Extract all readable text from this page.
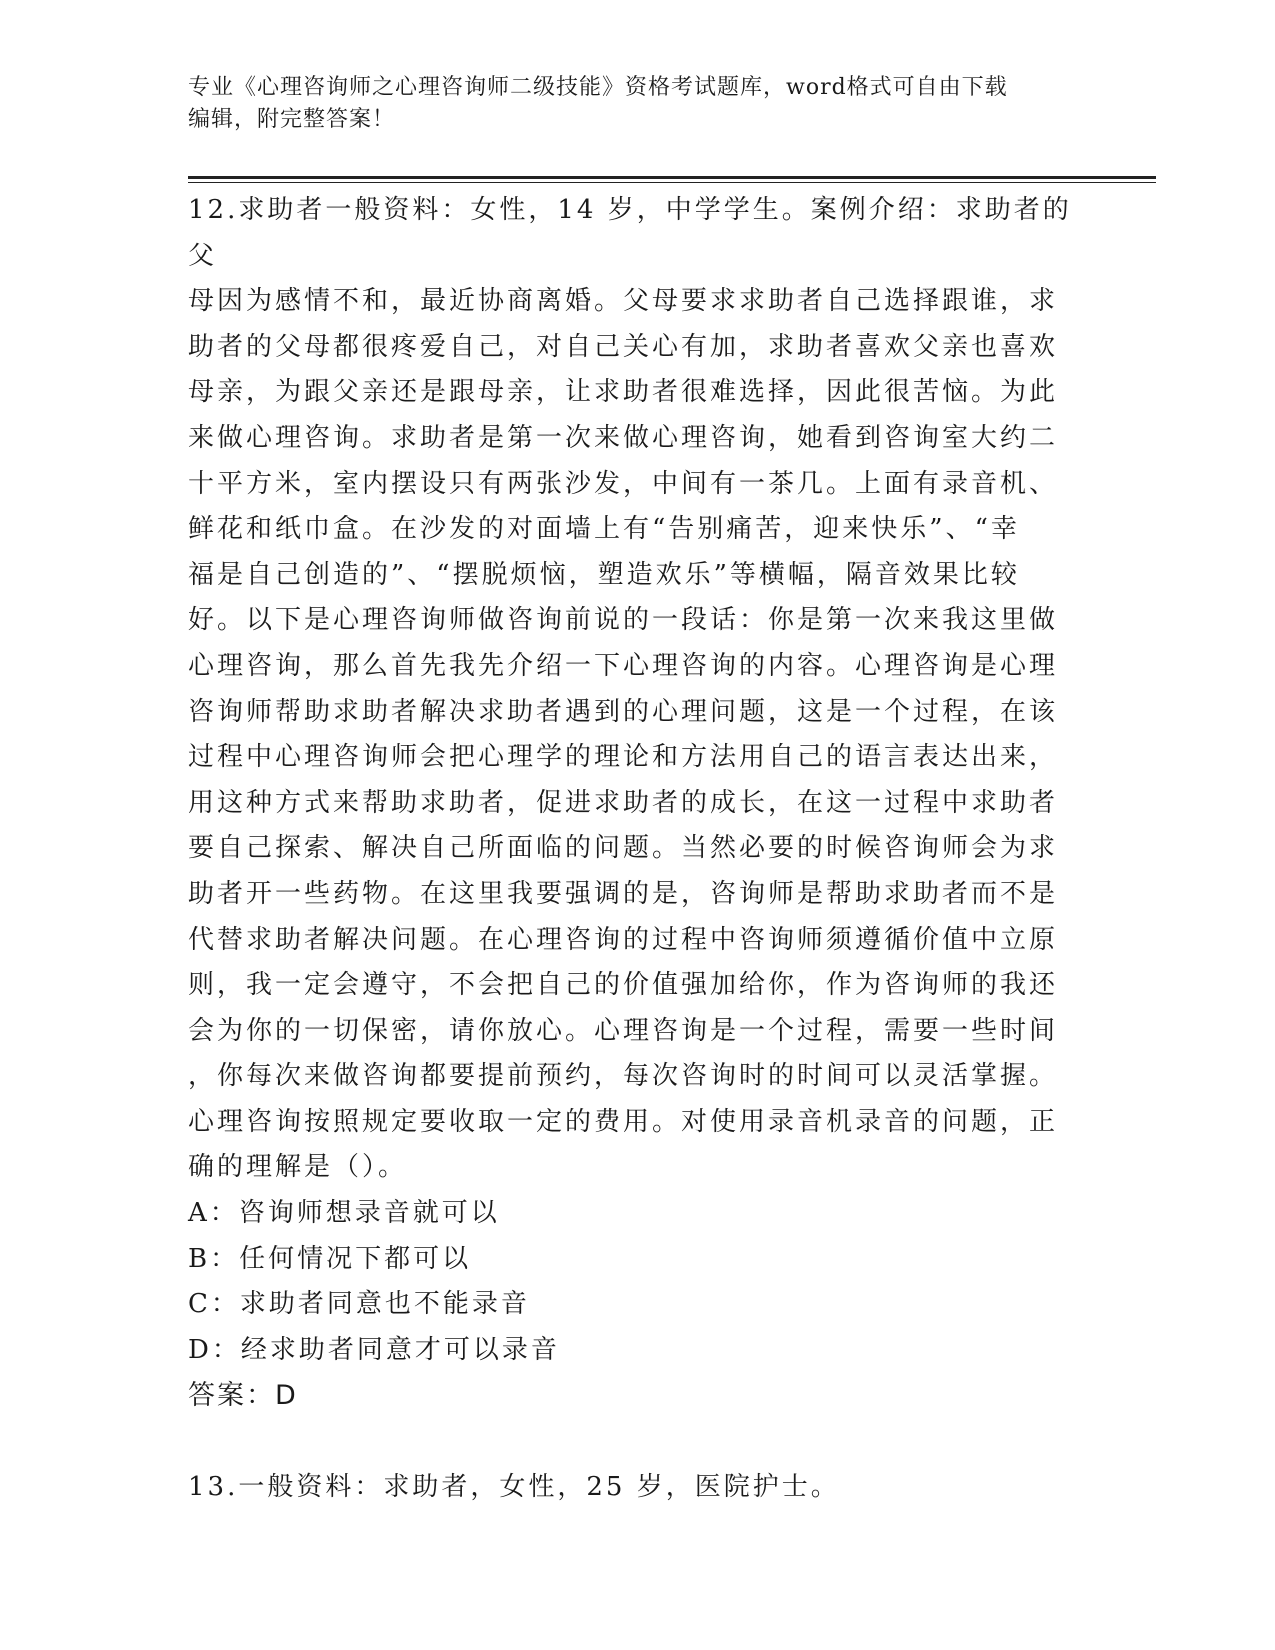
专业《心理咨询师之心理咨询师二级技能》资格考试题库，word格式可自由下载
编辑，附完整答案！
12.求助者一般资料：女性，14 岁，中学学生。案例介绍：求助者的父
母因为感情不和，最近协商离婚。父母要求求助者自己选择跟谁，求
助者的父母都很疼爱自己，对自己关心有加，求助者喜欢父亲也喜欢
母亲，为跟父亲还是跟母亲，让求助者很难选择，因此很苦恼。为此
来做心理咨询。求助者是第一次来做心理咨询，她看到咨询室大约二
十平方米，室内摆设只有两张沙发，中间有一茶几。上面有录音机、
鲜花和纸巾盒。在沙发的对面墙上有“告别痛苦，迎来快乐”、“幸
福是自己创造的”、“摆脱烦恼，塑造欢乐”等横幅，隔音效果比较
好。以下是心理咨询师做咨询前说的一段话：你是第一次来我这里做
心理咨询，那么首先我先介绍一下心理咨询的内容。心理咨询是心理
咨询师帮助求助者解决求助者遇到的心理问题，这是一个过程，在该
过程中心理咨询师会把心理学的理论和方法用自己的语言表达出来，
用这种方式来帮助求助者，促进求助者的成长，在这一过程中求助者
要自己探索、解决自己所面临的问题。当然必要的时候咨询师会为求
助者开一些药物。在这里我要强调的是，咨询师是帮助求助者而不是
代替求助者解决问题。在心理咨询的过程中咨询师须遵循价值中立原
则，我一定会遵守，不会把自己的价值强加给你，作为咨询师的我还
会为你的一切保密，请你放心。心理咨询是一个过程，需要一些时间
，你每次来做咨询都要提前预约，每次咨询时的时间可以灵活掌握。
心理咨询按照规定要收取一定的费用。对使用录音机录音的问题，正
确的理解是（）。
A：咨询师想录音就可以
B：任何情况下都可以
C：求助者同意也不能录音
D：经求助者同意才可以录音
答案：D
13.一般资料：求助者，女性，25 岁，医院护士。
